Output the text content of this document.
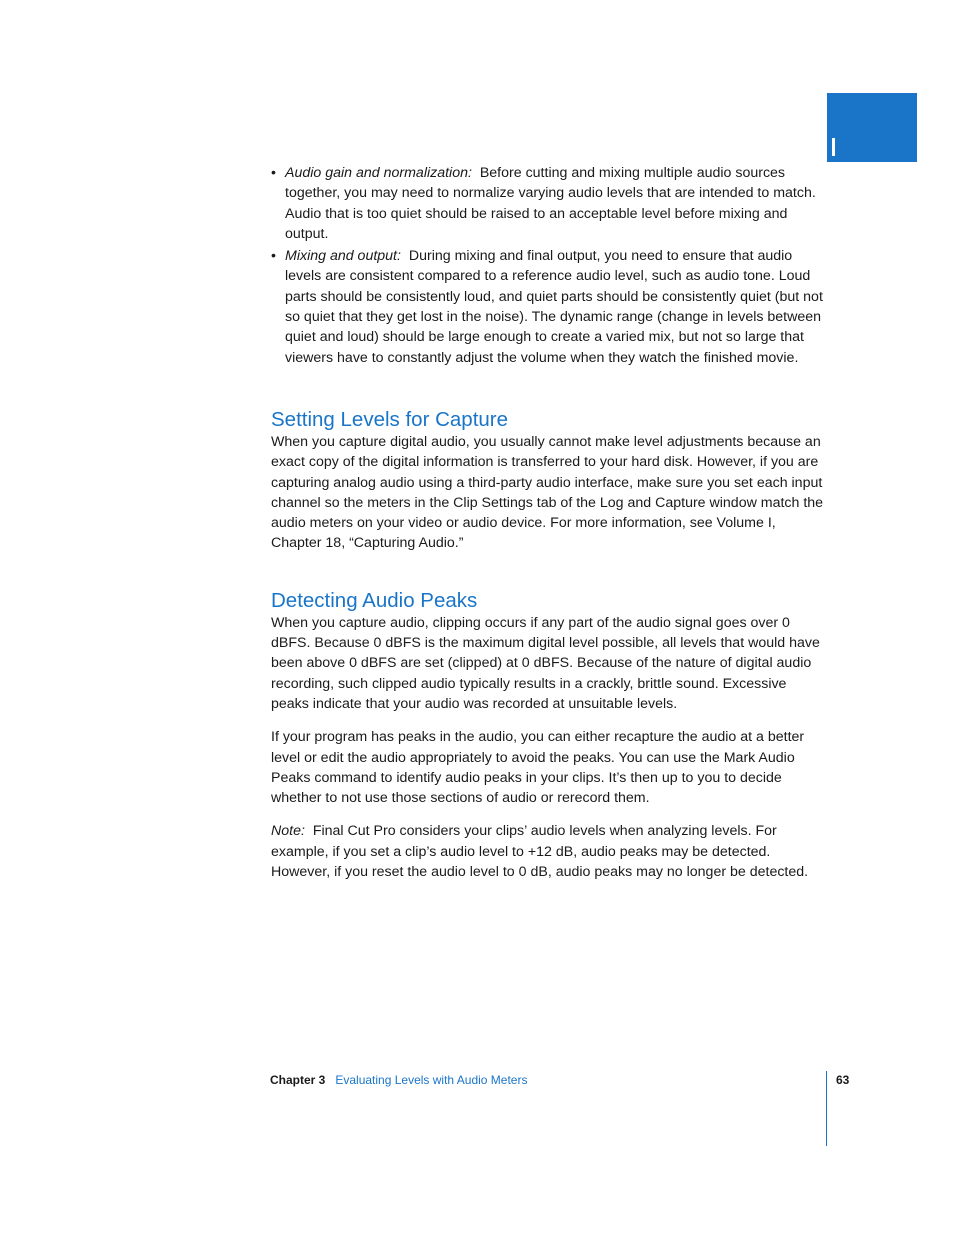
• Audio gain and normalization: Before cutting and mixing multiple audio sources together, you may need to normalize varying audio levels that are intended to match. Audio that is too quiet should be raised to an acceptable level before mixing and output.
• Mixing and output: During mixing and final output, you need to ensure that audio levels are consistent compared to a reference audio level, such as audio tone. Loud parts should be consistently loud, and quiet parts should be consistently quiet (but not so quiet that they get lost in the noise). The dynamic range (change in levels between quiet and loud) should be large enough to create a varied mix, but not so large that viewers have to constantly adjust the volume when they watch the finished movie.
Setting Levels for Capture

When you capture digital audio, you usually cannot make level adjustments because an exact copy of the digital information is transferred to your hard disk. However, if you are capturing analog audio using a third-party audio interface, make sure you set each input channel so the meters in the Clip Settings tab of the Log and Capture window match the audio meters on your video or audio device. For more information, see Volume I, Chapter 18, “Capturing Audio.”

Detecting Audio Peaks

When you capture audio, clipping occurs if any part of the audio signal goes over 0 dBFS. Because 0 dBFS is the maximum digital level possible, all levels that would have been above 0 dBFS are set (clipped) at 0 dBFS. Because of the nature of digital audio recording, such clipped audio typically results in a crackly, brittle sound. Excessive peaks indicate that your audio was recorded at unsuitable levels.

If your program has peaks in the audio, you can either recapture the audio at a better level or edit the audio appropriately to avoid the peaks. You can use the Mark Audio Peaks command to identify audio peaks in your clips. It’s then up to you to decide whether to not use those sections of audio or rerecord them.

Note: Final Cut Pro considers your clips’ audio levels when analyzing levels. For example, if you set a clip’s audio level to +12 dB, audio peaks may be detected. However, if you reset the audio level to 0 dB, audio peaks may no longer be detected.

Chapter 3 Evaluating Levels with Audio Meters	63
